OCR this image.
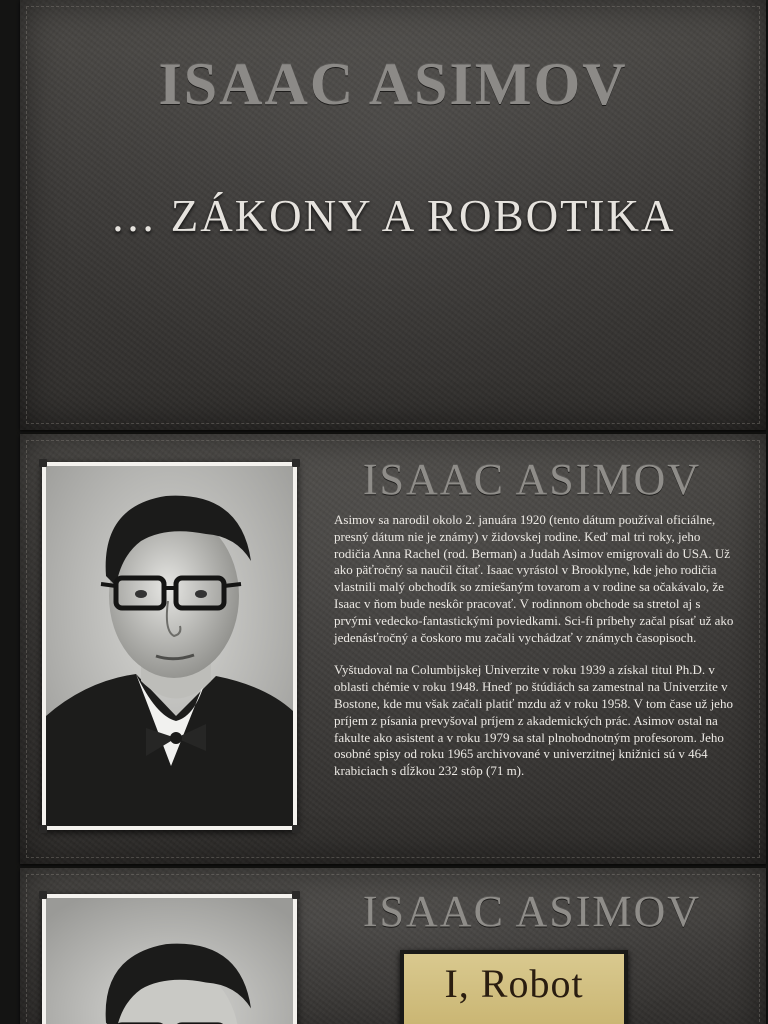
ISAAC ASIMOV
… ZÁKONY A ROBOTIKA
ISAAC ASIMOV

Asimov sa narodil okolo 2. januára 1920 (tento dátum používal oficiálne, presný dátum nie je známy) v židovskej rodine. Keď mal tri roky, jeho rodičia Anna Rachel (rod. Berman) a Judah Asimov emigrovali do USA. Už ako päťročný sa naučil čítať. Isaac vyrástol v Brooklyne, kde jeho rodičia vlastnili malý obchodík so zmiešaným tovarom a v rodine sa očakávalo, že Isaac v ňom bude neskôr pracovať. V rodinnom obchode sa stretol aj s prvými vedecko-fantastickými poviedkami. Sci-fi príbehy začal písať už ako jedenásťročný a čoskoro mu začali vychádzať v známych časopisoch.

Vyštudoval na Columbijskej Univerzite v roku 1939 a získal titul Ph.D. v oblasti chémie v roku 1948. Hneď po štúdiách sa zamestnal na Univerzite v Bostone, kde mu však začali platiť mzdu až v roku 1958. V tom čase už jeho príjem z písania prevyšoval príjem z akademických prác. Asimov ostal na fakulte ako asistent a v roku 1979 sa stal plnohodnotným profesorom. Jeho osobné spisy od roku 1965 archivované v univerzitnej knižnici sú v 464 krabiciach s dĺžkou 232 stôp (71 m).

ISAAC ASIMOV
I, Robot
